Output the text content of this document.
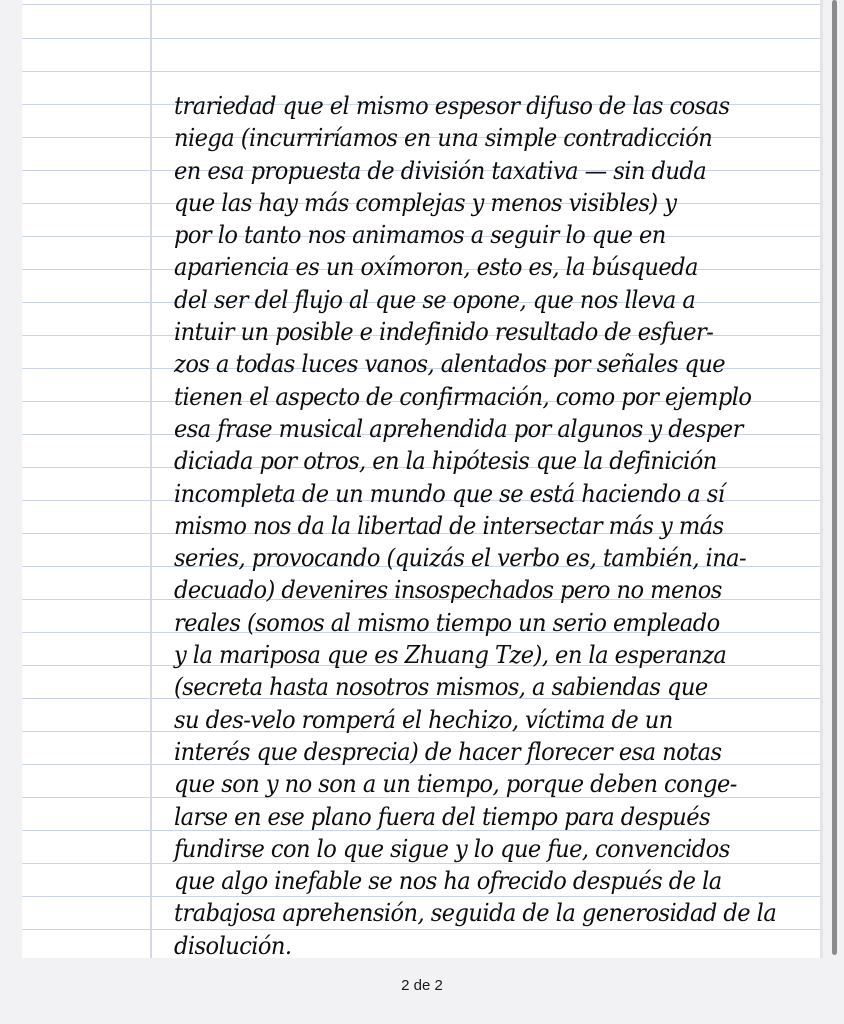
trariedad que el mismo espesor difuso de las cosas
niega (incurriríamos en una simple contradicción
en esa propuesta de división taxativa — sin duda
que las hay más complejas y menos visibles) y
por lo tanto nos animamos a seguir lo que en
apariencia es un oxímoron, esto es, la búsqueda
del ser del flujo al que se opone, que nos lleva a
intuir un posible e indefinido resultado de esfuer-
zos a todas luces vanos, alentados por señales que
tienen el aspecto de confirmación, como por ejemplo
esa frase musical aprehendida por algunos y desper
diciada por otros, en la hipótesis que la definición
incompleta de un mundo que se está haciendo a sí
mismo nos da la libertad de intersectar más y más
series, provocando (quizás el verbo es, también, ina-
decuado) devenires insospechados pero no menos
reales (somos al mismo tiempo un serio empleado
y la mariposa que es Zhuang Tze), en la esperanza
(secreta hasta nosotros mismos, a sabiendas que
su des-velo romperá el hechizo, víctima de un
interés que desprecia) de hacer florecer esa notas
que son y no son a un tiempo, porque deben conge-
larse en ese plano fuera del tiempo para después
fundirse con lo que sigue y lo que fue, convencidos
que algo inefable se nos ha ofrecido después de la
trabajosa aprehensión, seguida de la generosidad de la
disolución.
2 de 2
